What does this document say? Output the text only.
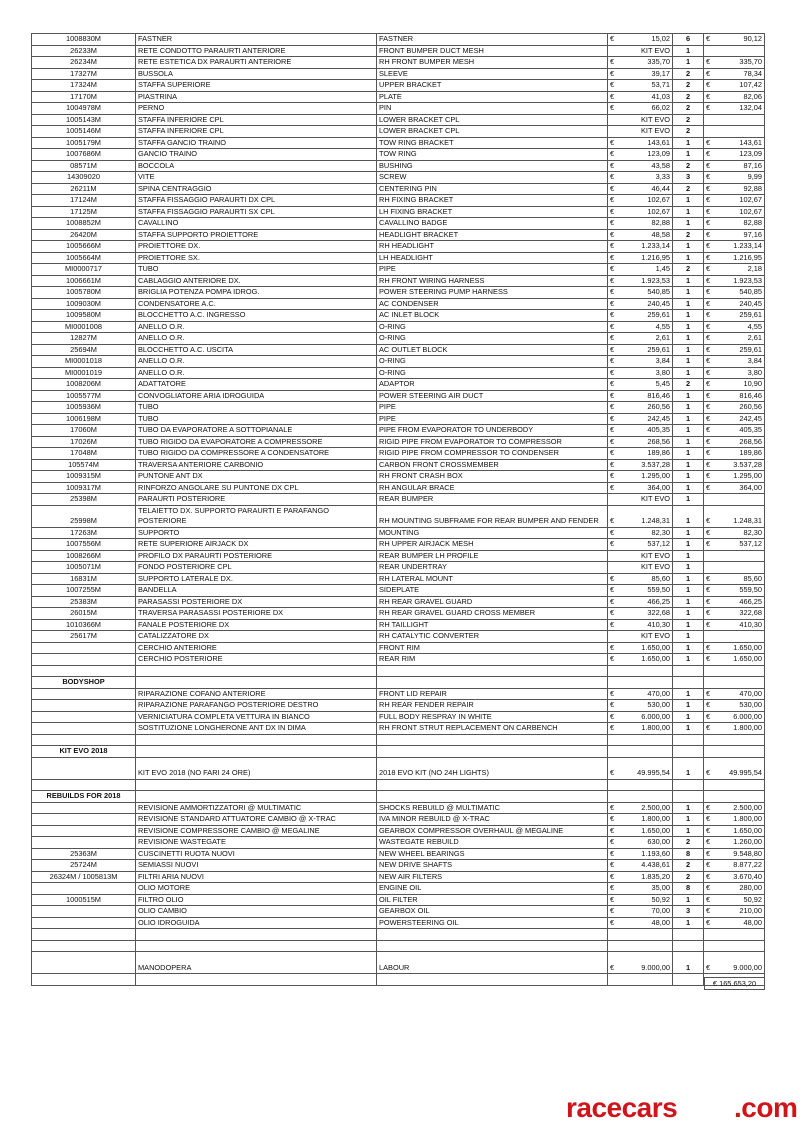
1008830M	FASTNER	FASTNER	€ 15,02	6	€ 90,12

26233M	RETE CONDOTTO PARAURTI ANTERIORE	FRONT BUMPER DUCT MESH	KIT EVO	1	
26234M	RETE ESTETICA DX PARAURTI ANTERIORE	RH FRONT BUMPER MESH	€ 335,70	1	€ 335,70

17327M	BUSSOLA	SLEEVE	€ 39,17	2	€ 78,34

17324M	STAFFA SUPERIORE	UPPER BRACKET	€ 53,71	2	€ 107,42

17170M	PIASTRINA	PLATE	€ 41,03	2	€ 82,06

1004978M	PERNO	PIN	€ 66,02	2	€ 132,04

1005143M	STAFFA INFERIORE CPL	LOWER BRACKET CPL	KIT EVO	2	
1005146M	STAFFA INFERIORE CPL	LOWER BRACKET CPL	KIT EVO	2	
1005179M	STAFFA GANCIO TRAINO	TOW RING BRACKET	€ 143,61	1	€ 143,61

1007686M	GANCIO TRAINO	TOW RING	€ 123,09	1	€ 123,09

08571M	BOCCOLA	BUSHING	€ 43,58	2	€ 87,16

14309020	VITE	SCREW	€ 3,33	3	€ 9,99

26211M	SPINA CENTRAGGIO	CENTERING PIN	€ 46,44	2	€ 92,88

17124M	STAFFA FISSAGGIO PARAURTI DX CPL	RH FIXING BRACKET	€ 102,67	1	€ 102,67

17125M	STAFFA FISSAGGIO PARAURTI SX CPL	LH FIXING BRACKET	€ 102,67	1	€ 102,67

1008852M	CAVALLINO	CAVALLINO BADGE	€ 82,88	1	€ 82,88

26420M	STAFFA SUPPORTO PROIETTORE	HEADLIGHT BRACKET	€ 48,58	2	€ 97,16

1005666M	PROIETTORE DX.	RH HEADLIGHT	€ 1.233,14	1	€ 1.233,14

1005664M	PROIETTORE SX.	LH HEADLIGHT	€ 1.216,95	1	€ 1.216,95

MI0000717	TUBO	PIPE	€ 1,45	2	€ 2,18

1006661M	CABLAGGIO ANTERIORE DX.	RH FRONT WIRING HARNESS	€ 1.923,53	1	€ 1.923,53

1005780M	BRIGLIA POTENZA POMPA IDROG.	POWER STEERING PUMP HARNESS	€ 540,85	1	€ 540,85

1009030M	CONDENSATORE A.C.	AC CONDENSER	€ 240,45	1	€ 240,45

1009580M	BLOCCHETTO A.C. INGRESSO	AC INLET BLOCK	€ 259,61	1	€ 259,61

MI0001008	ANELLO O.R.	O-RING	€ 4,55	1	€ 4,55

12827M	ANELLO O.R.	O-RING	€ 2,61	1	€ 2,61

25694M	BLOCCHETTO A.C. USCITA	AC OUTLET BLOCK	€ 259,61	1	€ 259,61

MI0001018	ANELLO O.R.	O-RING	€ 3,84	1	€ 3,84

MI0001019	ANELLO O.R.	O-RING	€ 3,80	1	€ 3,80

1008206M	ADATTATORE	ADAPTOR	€ 5,45	2	€ 10,90

1005577M	CONVOGLIATORE ARIA IDROGUIDA	POWER STEERING AIR DUCT	€ 816,46	1	€ 816,46

1005936M	TUBO	PIPE	€ 260,56	1	€ 260,56

1006198M	TUBO	PIPE	€ 242,45	1	€ 242,45

17060M	TUBO DA EVAPORATORE A SOTTOPIANALE	PIPE FROM EVAPORATOR TO UNDERBODY	€ 405,35	1	€ 405,35

17026M	TUBO RIGIDO DA EVAPORATORE A COMPRESSORE	RIGID PIPE FROM EVAPORATOR TO COMPRESSOR	€ 268,56	1	€ 268,56

17048M	TUBO RIGIDO DA COMPRESSORE A CONDENSATORE	RIGID PIPE FROM COMPRESSOR TO CONDENSER	€ 189,86	1	€ 189,86

105574M	TRAVERSA ANTERIORE CARBONIO	CARBON FRONT CROSSMEMBER	€ 3.537,28	1	€ 3.537,28

1009315M	PUNTONE ANT DX	RH FRONT CRASH BOX	€ 1.295,00	1	€ 1.295,00

1009317M	RINFORZO ANGOLARE SU PUNTONE DX CPL	RH ANGULAR BRACE	€ 364,00	1	€ 364,00

25398M	PARAURTI POSTERIORE	REAR BUMPER	KIT EVO	1	
25998M	TELAIETTO DX. SUPPORTO PARAURTI E PARAFANGO POSTERIORE	RH MOUNTING SUBFRAME FOR REAR BUMPER AND FENDER	€ 1.248,31	1	€ 1.248,31

17263M	SUPPORTO	MOUNTING	€ 82,30	1	€ 82,30

1007556M	RETE SUPERIORE AIRJACK DX	RH UPPER AIRJACK MESH	€ 537,12	1	€ 537,12

1008266M	PROFILO DX PARAURTI POSTERIORE	REAR BUMPER LH PROFILE	KIT EVO	1	
1005071M	FONDO POSTERIORE CPL	REAR UNDERTRAY	KIT EVO	1	
16831M	SUPPORTO LATERALE DX.	RH LATERAL MOUNT	€ 85,60	1	€ 85,60

1007255M	BANDELLA	SIDEPLATE	€ 559,50	1	€ 559,50

25383M	PARASASSI POSTERIORE DX	RH REAR GRAVEL GUARD	€ 466,25	1	€ 466,25

26015M	TRAVERSA PARASASSI POSTERIORE DX	RH REAR GRAVEL GUARD CROSS MEMBER	€ 322,68	1	€ 322,68

1010366M	FANALE POSTERIORE DX	RH TAILLIGHT	€ 410,30	1	€ 410,30

25617M	CATALIZZATORE DX	RH CATALYTIC CONVERTER	KIT EVO	1	
	CERCHIO ANTERIORE	FRONT RIM	€ 1.650,00	1	€ 1.650,00

	CERCHIO POSTERIORE	REAR RIM	€ 1.650,00	1	€ 1.650,00

BODYSHOP			

	RIPARAZIONE COFANO ANTERIORE	FRONT LID REPAIR	€ 470,00	1	€ 470,00

	RIPARAZIONE PARAFANGO POSTERIORE DESTRO	RH REAR FENDER REPAIR	€ 530,00	1	€ 530,00

	VERNICIATURA COMPLETA VETTURA IN BIANCO	FULL BODY RESPRAY IN WHITE	€ 6.000,00	1	€ 6.000,00

	SOSTITUZIONE LONGHERONE ANT DX IN DIMA	RH FRONT STRUT REPLACEMENT ON CARBENCH	€ 1.800,00	1	€ 1.800,00

KIT EVO 2018			

	KIT EVO 2018 (NO FARI 24 ORE)	2018 EVO KIT (NO 24H LIGHTS)	€ 49.995,54	1	€ 49.995,54

REBUILDS FOR 2018			

	REVISIONE AMMORTIZZATORI @ MULTIMATIC	SHOCKS REBUILD @ MULTIMATIC	€ 2.500,00	1	€ 2.500,00

	REVISIONE STANDARD ATTUATORE CAMBIO @ X-TRAC	IVA MINOR REBUILD @ X-TRAC	€ 1.800,00	1	€ 1.800,00

	REVISIONE COMPRESSORE CAMBIO @ MEGALINE	GEARBOX COMPRESSOR OVERHAUL @ MEGALINE	€ 1.650,00	1	€ 1.650,00

	REVISIONE WASTEGATE	WASTEGATE REBUILD	€ 630,00	2	€ 1.260,00

25363M	CUSCINETTI RUOTA NUOVI	NEW WHEEL BEARINGS	€ 1.193,60	8	€ 9.548,80

25724M	SEMIASSI NUOVI	NEW DRIVE SHAFTS	€ 4.438,61	2	€ 8.877,22

26324M / 1005813M	FILTRI ARIA NUOVI	NEW AIR FILTERS	€ 1.835,20	2	€ 3.670,40

	OLIO MOTORE	ENGINE OIL	€ 35,00	8	€ 280,00

1000515M	FILTRO OLIO	OIL FILTER	€ 50,92	1	€ 50,92

	OLIO CAMBIO	GEARBOX OIL	€ 70,00	3	€ 210,00

	OLIO IDROGUIDA	POWERSTEERING OIL	€ 48,00	1	€ 48,00

	MANODOPERA	LABOUR	€ 9.000,00	1	€ 9.000,00

€ 165.653,20
racecars .com
